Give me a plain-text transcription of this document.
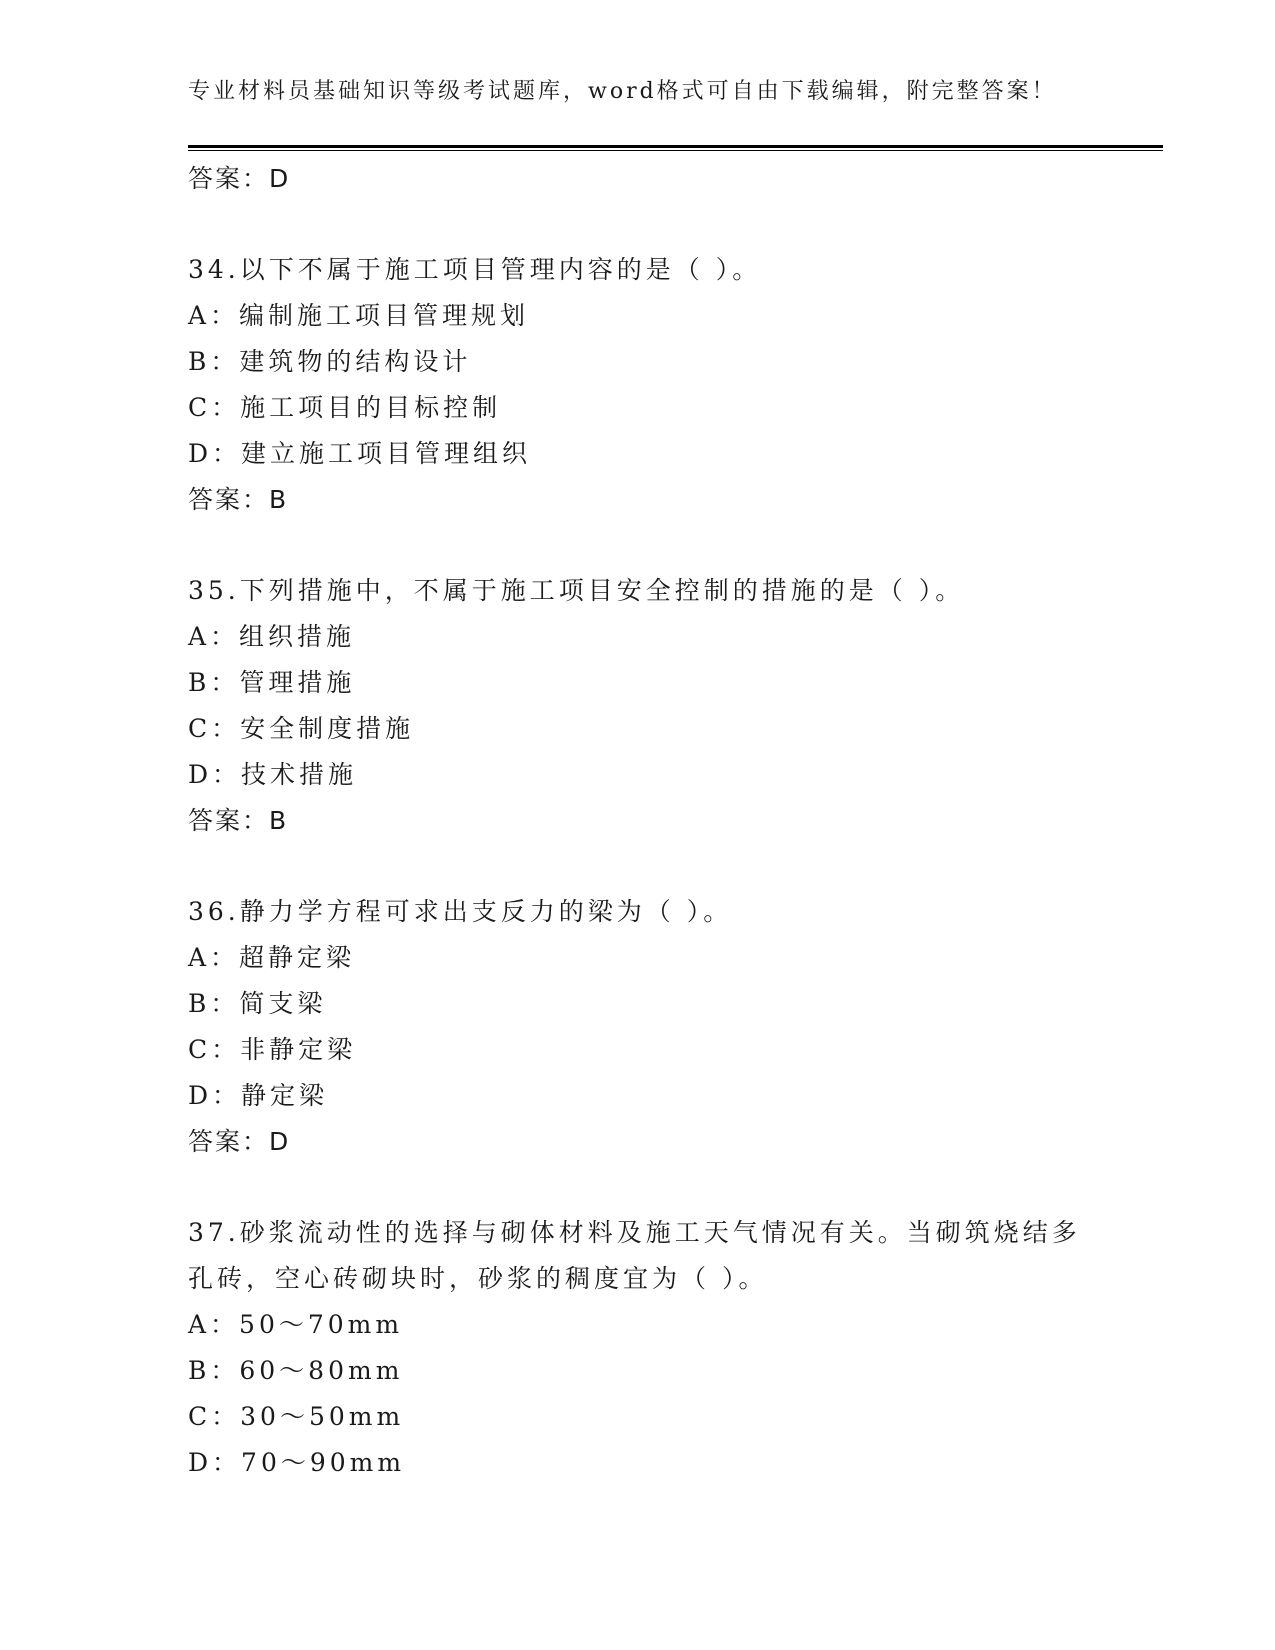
专业材料员基础知识等级考试题库，word格式可自由下载编辑，附完整答案！
答案：D
34.以下不属于施工项目管理内容的是（ ）。
A：编制施工项目管理规划
B：建筑物的结构设计
C：施工项目的目标控制
D：建立施工项目管理组织
答案：B
35.下列措施中，不属于施工项目安全控制的措施的是（ ）。
A：组织措施
B：管理措施
C：安全制度措施
D：技术措施
答案：B
36.静力学方程可求出支反力的梁为（ ）。
A：超静定梁
B：简支梁
C：非静定梁
D：静定梁
答案：D
37.砂浆流动性的选择与砌体材料及施工天气情况有关。当砌筑烧结多
孔砖，空心砖砌块时，砂浆的稠度宜为（ ）。
A：50～70mm
B：60～80mm
C：30～50mm
D：70～90mm
